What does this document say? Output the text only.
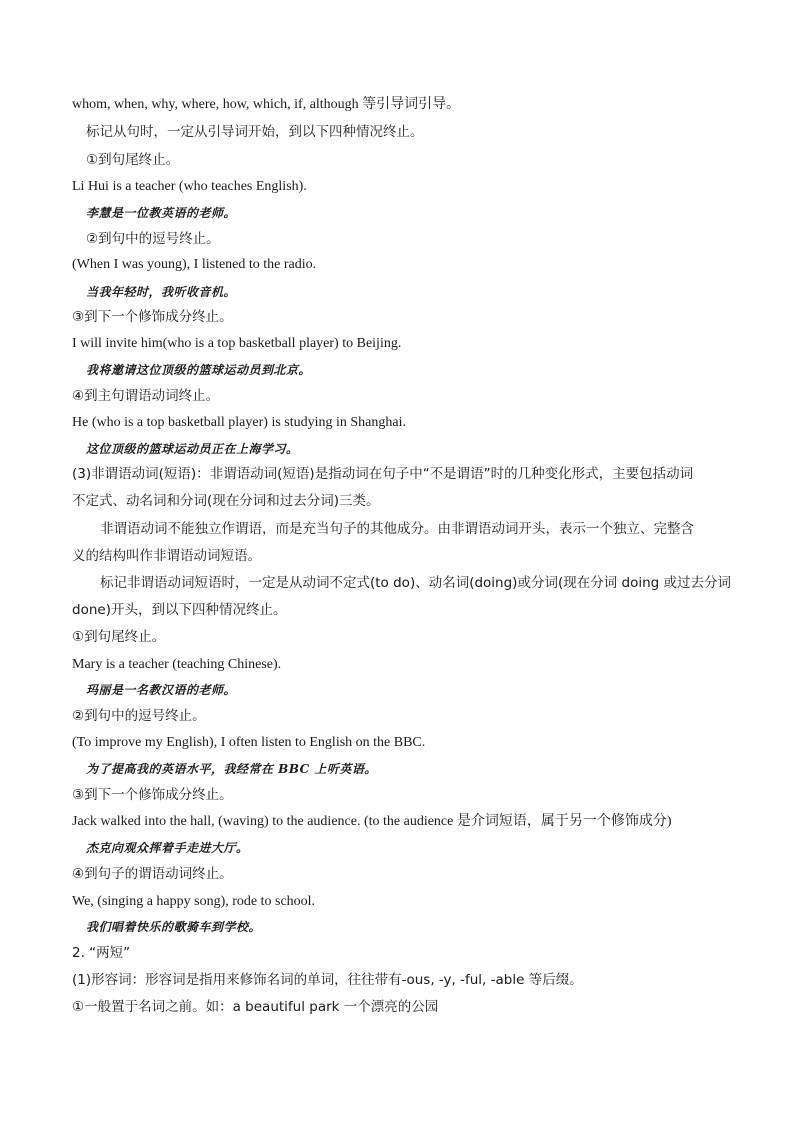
whom, when, why, where, how, which, if, although 等引导词引导。
标记从句时，一定从引导词开始，到以下四种情况终止。
①到句尾终止。
Li Hui is a teacher (who teaches English).
李慧是一位教英语的老师。
②到句中的逗号终止。
(When I was young), I listened to the radio.
当我年轻时，我听收音机。
③到下一个修饰成分终止。
I will invite him(who is a top basketball player) to Beijing.
我将邀请这位顶级的篮球运动员到北京。
④到主句谓语动词终止。
He (who is a top basketball player) is studying in Shanghai.
这位顶级的篮球运动员正在上海学习。
(3)非谓语动词(短语)：非谓语动词(短语)是指动词在句子中“不是谓语”时的几种变化形式，主要包括动词
不定式、动名词和分词(现在分词和过去分词)三类。
非谓语动词不能独立作谓语，而是充当句子的其他成分。由非谓语动词开头，表示一个独立、完整含
义的结构叫作非谓语动词短语。
标记非谓语动词短语时，一定是从动词不定式(to do)、动名词(doing)或分词(现在分词 doing 或过去分词
done)开头，到以下四种情况终止。
①到句尾终止。
Mary is a teacher (teaching Chinese).
玛丽是一名教汉语的老师。
②到句中的逗号终止。
(To improve my English), I often listen to English on the BBC.
为了提高我的英语水平，我经常在 BBC 上听英语。
③到下一个修饰成分终止。
Jack walked into the hall, (waving) to the audience. (to the audience 是介词短语，属于另一个修饰成分)
杰克向观众挥着手走进大厅。
④到句子的谓语动词终止。
We, (singing a happy song), rode to school.
我们唱着快乐的歌骑车到学校。
2. “两短”
(1)形容词：形容词是指用来修饰名词的单词，往往带有-ous, -y, -ful, -able 等后缀。
①一般置于名词之前。如：a beautiful park 一个漂亮的公园
